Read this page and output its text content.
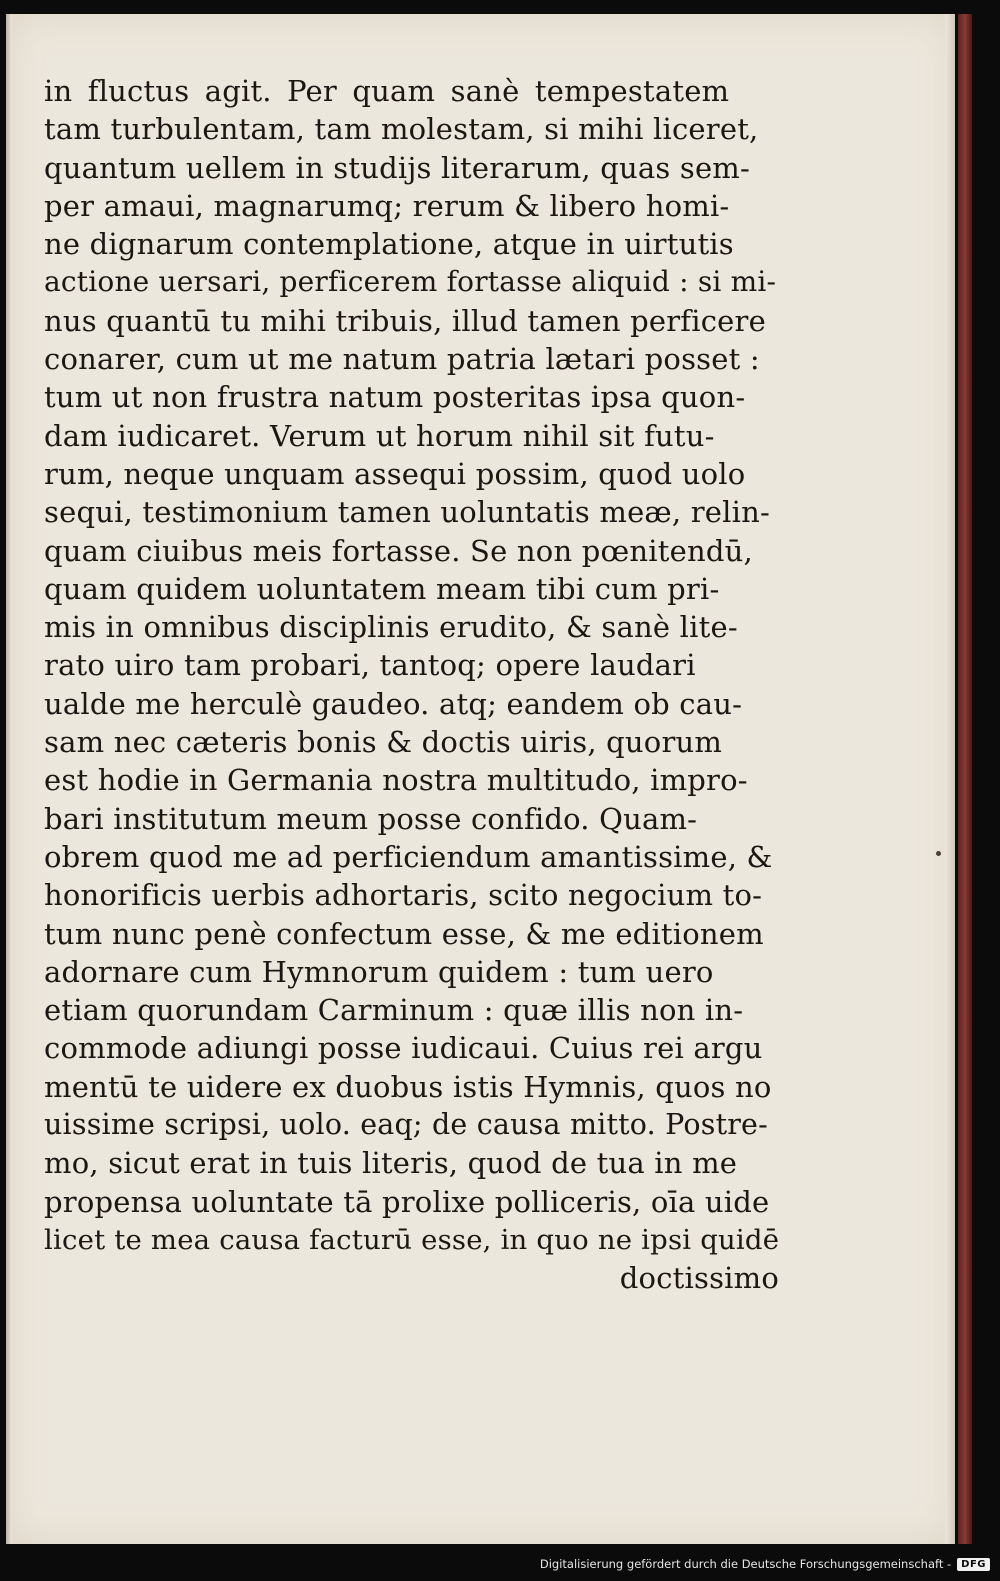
in fluctus agit. Per quam sanè tempestatem
tam turbulentam, tam molestam, si mihi liceret,
quantum uellem in studijs literarum, quas sem-
per amaui, magnarumq; rerum & libero homi-
ne dignarum contemplatione, atque in uirtutis
actione uersari, perficerem fortasse aliquid : si mi-
nus quantū tu mihi tribuis, illud tamen perficere
conarer, cum ut me natum patria lætari posset :
tum ut non frustra natum posteritas ipsa quon-
dam iudicaret. Verum ut horum nihil sit futu-
rum, neque unquam assequi possim, quod uolo
sequi, testimonium tamen uoluntatis meæ, relin-
quam ciuibus meis fortasse. Se non pœnitendū,
quam quidem uoluntatem meam tibi cum pri-
mis in omnibus disciplinis erudito, & sanè lite-
rato uiro tam probari, tantoq; opere laudari
ualde me herculè gaudeo. atq; eandem ob cau-
sam nec cæteris bonis & doctis uiris, quorum
est hodie in Germania nostra multitudo, impro-
bari institutum meum posse confido. Quam-
obrem quod me ad perficiendum amantissime, &
honorificis uerbis adhortaris, scito negocium to-
tum nunc penè confectum esse, & me editionem
adornare cum Hymnorum quidem : tum uero
etiam quorundam Carminum : quæ illis non in-
commode adiungi posse iudicaui. Cuius rei argu
mentū te uidere ex duobus istis Hymnis, quos no
uissime scripsi, uolo. eaq; de causa mitto. Postre-
mo, sicut erat in tuis literis, quod de tua in me
propensa uoluntate tā prolixe polliceris, oīa uide
licet te mea causa facturū esse, in quo ne ipsi quidē
doctissimo
Digitalisierung gefördert durch die Deutsche Forschungsgemeinschaft -	DFG
